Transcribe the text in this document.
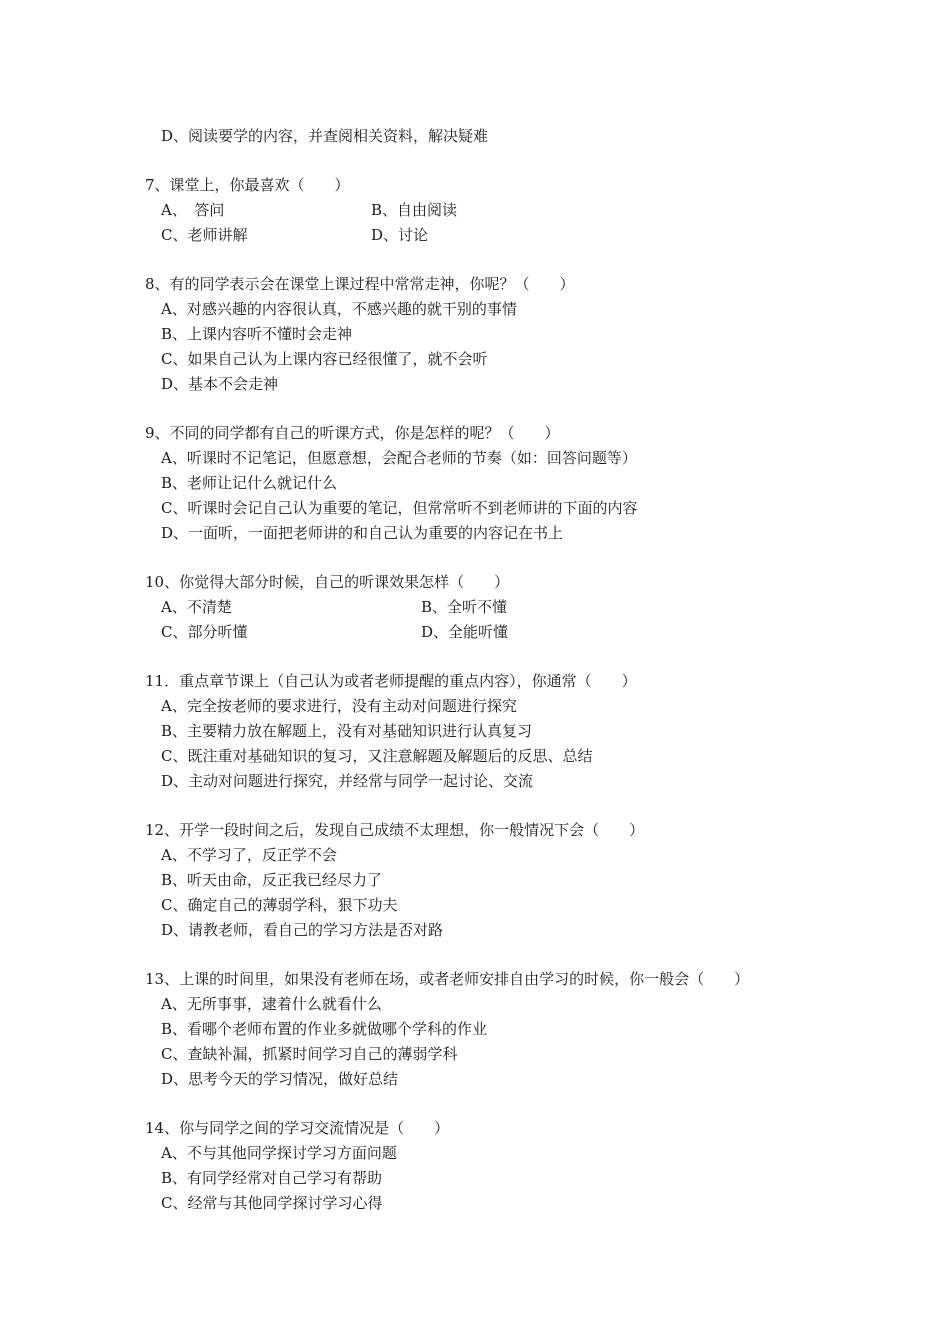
D、阅读要学的内容，并查阅相关资料，解决疑难
7、课堂上，你最喜欢（　　）
A、　答问	B、自由阅读
C、老师讲解	D、讨论
8、有的同学表示会在课堂上课过程中常常走神，你呢？（　　）
A、对感兴趣的内容很认真，不感兴趣的就干别的事情
B、上课内容听不懂时会走神
C、如果自己认为上课内容已经很懂了，就不会听
D、基本不会走神
9、不同的同学都有自己的听课方式，你是怎样的呢？（　　）
A、听课时不记笔记，但愿意想，会配合老师的节奏（如：回答问题等）
B、老师让记什么就记什么
C、听课时会记自己认为重要的笔记，但常常听不到老师讲的下面的内容
D、一面听，一面把老师讲的和自己认为重要的内容记在书上
10、你觉得大部分时候，自己的听课效果怎样（　　）
A、不清楚	B、全听不懂
C、部分听懂	D、全能听懂
11．重点章节课上（自己认为或者老师提醒的重点内容），你通常（　　）
A、完全按老师的要求进行，没有主动对问题进行探究
B、主要精力放在解题上，没有对基础知识进行认真复习
C、既注重对基础知识的复习，又注意解题及解题后的反思、总结
D、主动对问题进行探究，并经常与同学一起讨论、交流
12、开学一段时间之后，发现自己成绩不太理想，你一般情况下会（　　）
A、不学习了，反正学不会
B、听天由命，反正我已经尽力了
C、确定自己的薄弱学科，狠下功夫
D、请教老师，看自己的学习方法是否对路
13、上课的时间里，如果没有老师在场，或者老师安排自由学习的时候，你一般会（　　）
A、无所事事，逮着什么就看什么
B、看哪个老师布置的作业多就做哪个学科的作业
C、查缺补漏，抓紧时间学习自己的薄弱学科
D、思考今天的学习情况，做好总结
14、你与同学之间的学习交流情况是（　　）
A、不与其他同学探讨学习方面问题
B、有同学经常对自己学习有帮助
C、经常与其他同学探讨学习心得
